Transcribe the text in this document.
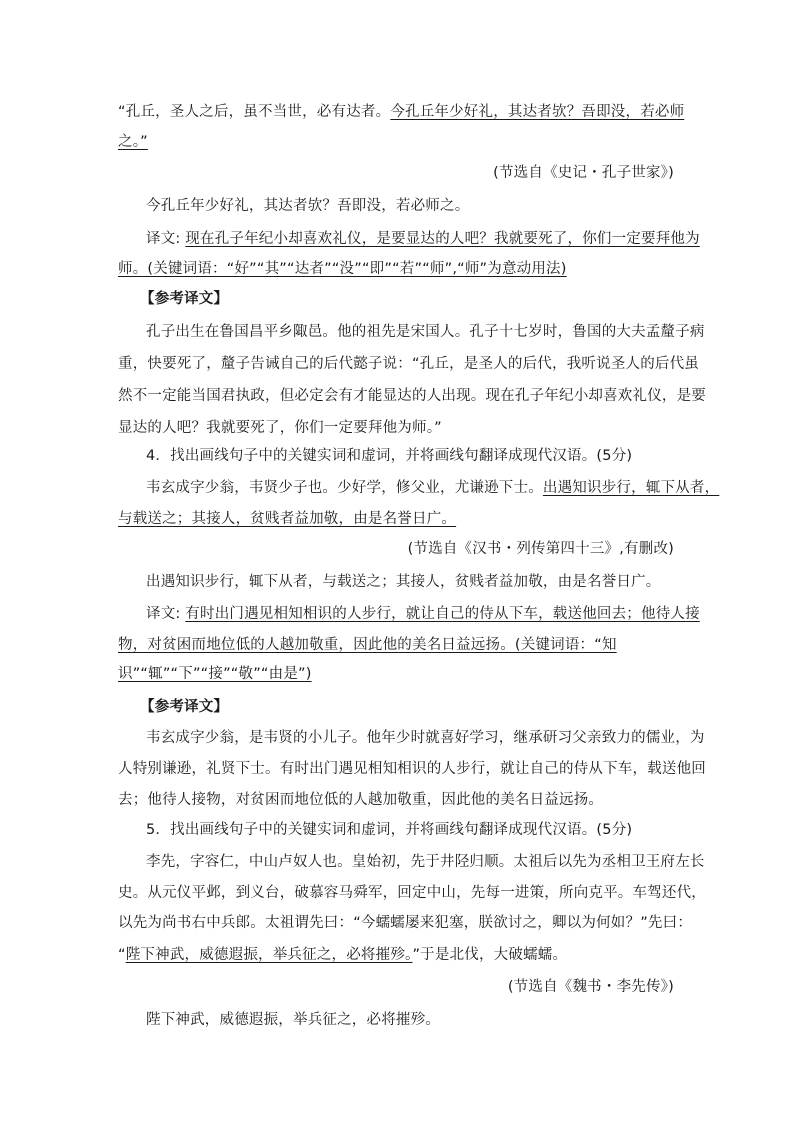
“孔丘，圣人之后，虽不当世，必有达者。今孔丘年少好礼，其达者欤？吾即没，若必师
之。”
(节选自《史记・孔子世家》)
今孔丘年少好礼，其达者欤？吾即没，若必师之。
译文: 现在孔子年纪小却喜欢礼仪，是要显达的人吧？我就要死了，你们一定要拜他为
师。(关键词语：“好”“其”“达者”“没”“即”“若”“师”,“师”为意动用法)
【参考译文】
孔子出生在鲁国昌平乡陬邑。他的祖先是宋国人。孔子十七岁时，鲁国的大夫孟釐子病
重，快要死了，釐子告诫自己的后代懿子说：“孔丘，是圣人的后代，我听说圣人的后代虽
然不一定能当国君执政，但必定会有才能显达的人出现。现在孔子年纪小却喜欢礼仪，是要
显达的人吧？我就要死了，你们一定要拜他为师。”
4．找出画线句子中的关键实词和虚词，并将画线句翻译成现代汉语。(5分)
韦玄成字少翁，韦贤少子也。少好学，修父业，尤谦逊下士。出遇知识步行，辄下从者，
与载送之；其接人，贫贱者益加敬，由是名誉日广。
(节选自《汉书・列传第四十三》,有删改)
出遇知识步行，辄下从者，与载送之；其接人，贫贱者益加敬，由是名誉日广。
译文: 有时出门遇见相知相识的人步行，就让自己的侍从下车，载送他回去；他待人接
物，对贫困而地位低的人越加敬重，因此他的美名日益远扬。(关键词语：“知
识”“辄”“下”“接”“敬”“由是”)
【参考译文】
韦玄成字少翁，是韦贤的小儿子。他年少时就喜好学习，继承研习父亲致力的儒业，为
人特别谦逊，礼贤下士。有时出门遇见相知相识的人步行，就让自己的侍从下车，载送他回
去；他待人接物，对贫困而地位低的人越加敬重，因此他的美名日益远扬。
5．找出画线句子中的关键实词和虚词，并将画线句翻译成现代汉语。(5分)
李先，字容仁，中山卢奴人也。皇始初，先于井陉归顺。太祖后以先为丞相卫王府左长
史。从元仪平邺，到义台，破慕容马舜军，回定中山，先每一进策，所向克平。车驾还代，
以先为尚书右中兵郎。太祖谓先曰：“今蠕蠕屡来犯塞，朕欲讨之，卿以为何如？”先曰：
“陛下神武，威德遐振，举兵征之，必将摧殄。”于是北伐，大破蠕蠕。
(节选自《魏书・李先传》)
陛下神武，威德遐振，举兵征之，必将摧殄。
